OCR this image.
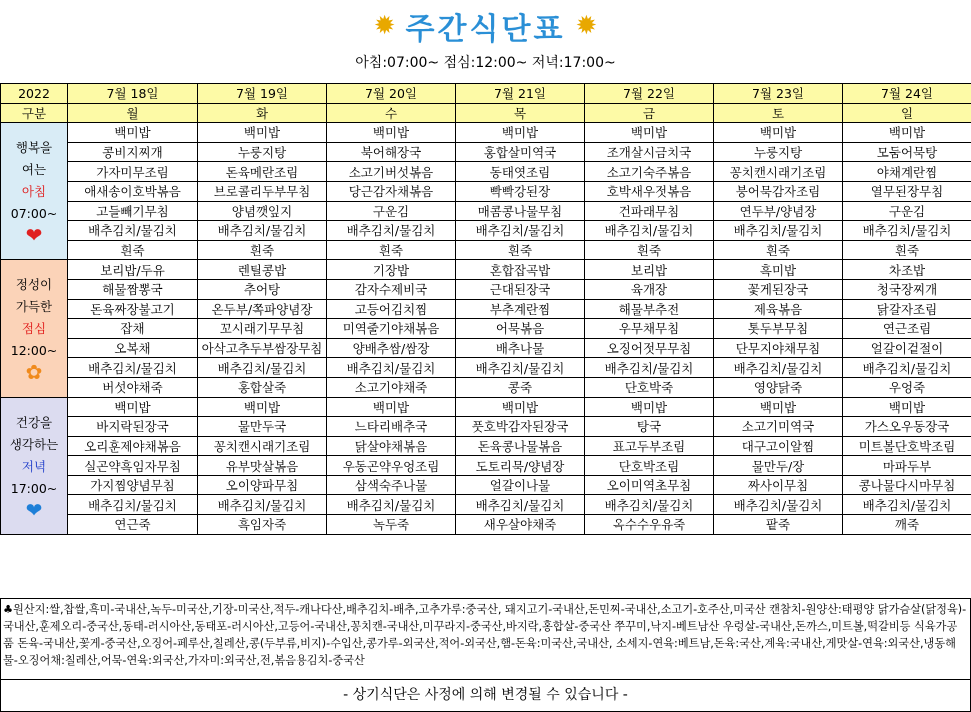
✹ 주간식단표 ✹
아침:07:00~ 점심:12:00~ 저녁:17:00~
2022	7월 18일	7월 19일	7월 20일	7월 21일	7월 22일	7월 23일	7월 24일
구분	월	화	수	목	금	토	일

행복을
여는
아침
07:00~
❤	백미밥	백미밥	백미밥	백미밥	백미밥	백미밥	백미밥
	콩비지찌개	누룽지탕	북어해장국	홍합살미역국	조개살시금치국	누룽지탕	모둠어묵탕
	가자미무조림	돈육메란조림	소고기버섯볶음	동태엿조림	소고기숙주볶음	꽁치캔시래기조림	야채계란찜
	애새송이호박볶음	브로콜리두부무침	당근감자채볶음	빡빡강된장	호박새우젓볶음	붕어묵감자조림	열무된장무침
	고들빼기무침	양념깻잎지	구운김	매콤콩나물무침	건파래무침	연두부/양념장	구운김
	배추김치/물김치	배추김치/물김치	배추김치/물김치	배추김치/물김치	배추김치/물김치	배추김치/물김치	배추김치/물김치
	흰죽	흰죽	흰죽	흰죽	흰죽	흰죽	흰죽

정성이
가득한
점심
12:00~
✿	보리밥/두유	렌틸콩밥	기장밥	혼합잡곡밥	보리밥	흑미밥	차조밥
	해물짬뽕국	추어탕	감자수제비국	근대된장국	육개장	꽃게된장국	청국장찌개
	돈육짜장불고기	온두부/쪽파양념장	고등어김치찜	부추계란찜	해물부추전	제육볶음	닭갈자조림
	잡채	꼬시래기무무침	미역줄기야채볶음	어묵볶음	우무채무침	톳두부무침	연근조림
	오복채	아삭고추두부쌈장무침	양배추쌈/쌈장	배추나물	오징어젓무무침	단무지야채무침	얼갈이겉절이
	배추김치/물김치	배추김치/물김치	배추김치/물김치	배추김치/물김치	배추김치/물김치	배추김치/물김치	배추김치/물김치
	버섯야채죽	홍합살죽	소고기야채죽	콩죽	단호박죽	영양닭죽	우엉죽

건강을
생각하는
저녁
17:00~
❤	백미밥	백미밥	백미밥	백미밥	백미밥	백미밥	백미밥
	바지락된장국	물만두국	느타리배추국	풋호박감자된장국	탕국	소고기미역국	가스오우동장국
	오리훈제야채볶음	꽁치캔시래기조림	닭살야채볶음	돈육콩나물볶음	표고두부조림	대구고이알찜	미트볼단호박조림
	실곤약흑임자무침	유부맛살볶음	우동곤약우엉조림	도토리묵/양념장	단호박조림	물만두/장	마파두부
	가지찜양념무침	오이양파무침	삼색숙주나물	얼갈이나물	오이미역초무침	짜사이무침	콩나물다시마무침
	배추김치/물김치	배추김치/물김치	배추김치/물김치	배추김치/물김치	배추김치/물김치	배추김치/물김치	배추김치/물김치
	연근죽	흑임자죽	녹두죽	새우살야채죽	옥수수우유죽	팥죽	깨죽
♣원산지:쌀,찹쌀,흑미-국내산,녹두-미국산,기장-미국산,적두-캐나다산,배추김치-배추,고추가루:중국산, 돼지고기-국내산,돈민찌-국내산,소고기-호주산,미국산 캔참치-원양산:태평양 닭가슴살(닭정육)-국내산,훈제오리-중국산,동태-러시아산,동태포-러시아산,고등어-국내산,꽁치캔-국내산,미꾸라지-중국산,바지락,홍합살-중국산 쭈꾸미,낙지-베트남산 우렁살-국내산,돈까스,미트볼,떡갈비등 식육가공품 돈육-국내산,꽃게-중국산,오징어-페루산,칠레산,콩(두부류,비지)-수입산,콩가루-외국산,적어-외국산,햄-돈육:미국산,국내산, 소세지-연육:베트남,돈육:국산,계육:국내산,게맛살-연육:외국산,냉동해물-오징어채:칠레산,어묵-연육:외국산,가자미:외국산,전,볶음용김치-중국산
- 상기식단은 사정에 의해 변경될 수 있습니다 -
